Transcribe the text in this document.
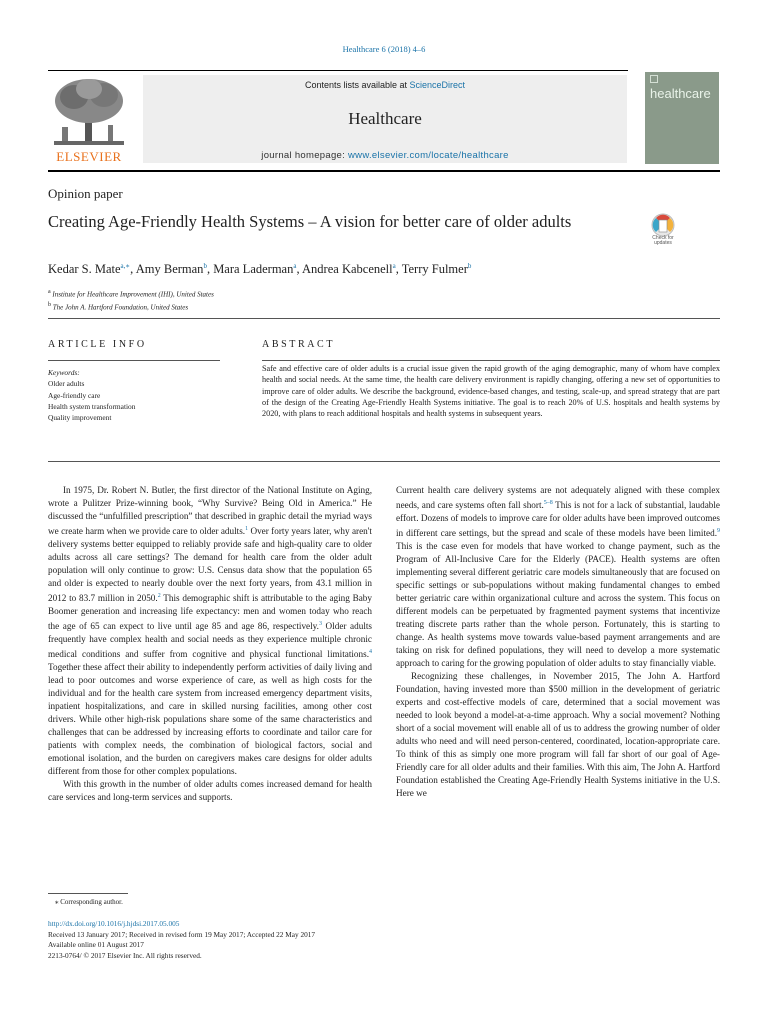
Healthcare 6 (2018) 4–6
ELSEVIER
Contents lists available at ScienceDirect
Healthcare
journal homepage: www.elsevier.com/locate/healthcare
healthcare
Opinion paper
Creating Age-Friendly Health Systems – A vision for better care of older adults
Check for updates
Kedar S. Mate$^{a,∗}$, Amy Berman$^b$, Mara Laderman$^a$, Andrea Kabcenell$^a$, Terry Fulmer$^b$
$^a$ Institute for Healthcare Improvement (IHI), United States
$^b$ The John A. Hartford Foundation, United States
ARTICLE INFO	ABSTRACT
Keywords:
Older adults
Age-friendly care
Health system transformation
Quality improvement
Safe and effective care of older adults is a crucial issue given the rapid growth of the aging demographic, many of whom have complex health and social needs. At the same time, the health care delivery environment is rapidly changing, offering a new set of opportunities to improve care of older adults. We describe the background, evidence-based changes, and testing, scale-up, and spread strategy that are part of the design of the Creating Age-Friendly Health Systems initiative. The goal is to reach 20% of U.S. hospitals and health systems by 2020, with plans to reach additional hospitals and health systems in subsequent years.

In 1975, Dr. Robert N. Butler, the first director of the National Institute on Aging, wrote a Pulitzer Prize-winning book, “Why Survive? Being Old in America.” He discussed the “unfulfilled prescription” that described in graphic detail the myriad ways we create harm when we provide care to older adults.$^1$ Over forty years later, why aren't delivery systems better equipped to reliably provide safe and high-quality care to older adults across all care settings? The demand for health care from the older adult population will only continue to grow: U.S. Census data show that the population 65 and older is expected to nearly double over the next forty years, from 43.1 million in 2012 to 83.7 million in 2050.$^2$ This demographic shift is attributable to the aging Baby Boomer generation and increasing life expectancy: men and women today who reach the age of 65 can expect to live until age 85 and age 86, respectively.$^3$ Older adults frequently have complex health and social needs as they experience multiple chronic medical conditions and suffer from cognitive and physical functional limitations.$^4$ Together these affect their ability to independently perform activities of daily living and lead to poor outcomes and worse experience of care, as well as high costs for the individual and for the health care system from increased emergency department visits, inpatient hospitalizations, and care in skilled nursing facilities, among other cost drivers. While other high-risk populations share some of the same characteristics and challenges that can be addressed by increasing efforts to coordinate and tailor care for patients with complex needs, the combination of biological factors, social and emotional isolation, and the burden on caregivers makes care designs for older adults different from those for other complex populations.

With this growth in the number of older adults comes increased demand for health care services and long-term services and supports.

Current health care delivery systems are not adequately aligned with these complex needs, and care systems often fall short.$^{5-8}$ This is not for a lack of substantial, laudable effort. Dozens of models to improve care for older adults have been improved outcomes in different care settings, but the spread and scale of these models have been limited.$^9$ This is the case even for models that have worked to change payment, such as the Program of All-Inclusive Care for the Elderly (PACE). Health systems are often implementing several different geriatric care models simultaneously that are focused on specific settings or sub-populations without making fundamental changes to embed better geriatric care within organizational culture and across the system. This focus on different models can be perpetuated by fragmented payment systems that incentivize treating discrete parts rather than the whole person. Fortunately, this is starting to change. As health systems move towards value-based payment arrangements and are taking on risk for defined populations, they will need to develop a more systematic approach to caring for the growing population of older adults to stay financially viable.

Recognizing these challenges, in November 2015, The John A. Hartford Foundation, having invested more than $500 million in the development of geriatric experts and cost-effective models of care, determined that a social movement was needed to look beyond a model-at-a-time approach. Why a social movement? Nothing short of a social movement will enable all of us to address the growing number of older adults who need and will need person-centered, coordinated, location-appropriate care. To think of this as simply one more program will fall far short of our goal of Age-Friendly care for all older adults and their families. With this aim, The John A. Hartford Foundation established the Creating Age-Friendly Health Systems initiative in the U.S. Here we

⁎ Corresponding author.
http://dx.doi.org/10.1016/j.hjdsi.2017.05.005
Received 13 January 2017; Received in revised form 19 May 2017; Accepted 22 May 2017
Available online 01 August 2017
2213-0764/ © 2017 Elsevier Inc. All rights reserved.
